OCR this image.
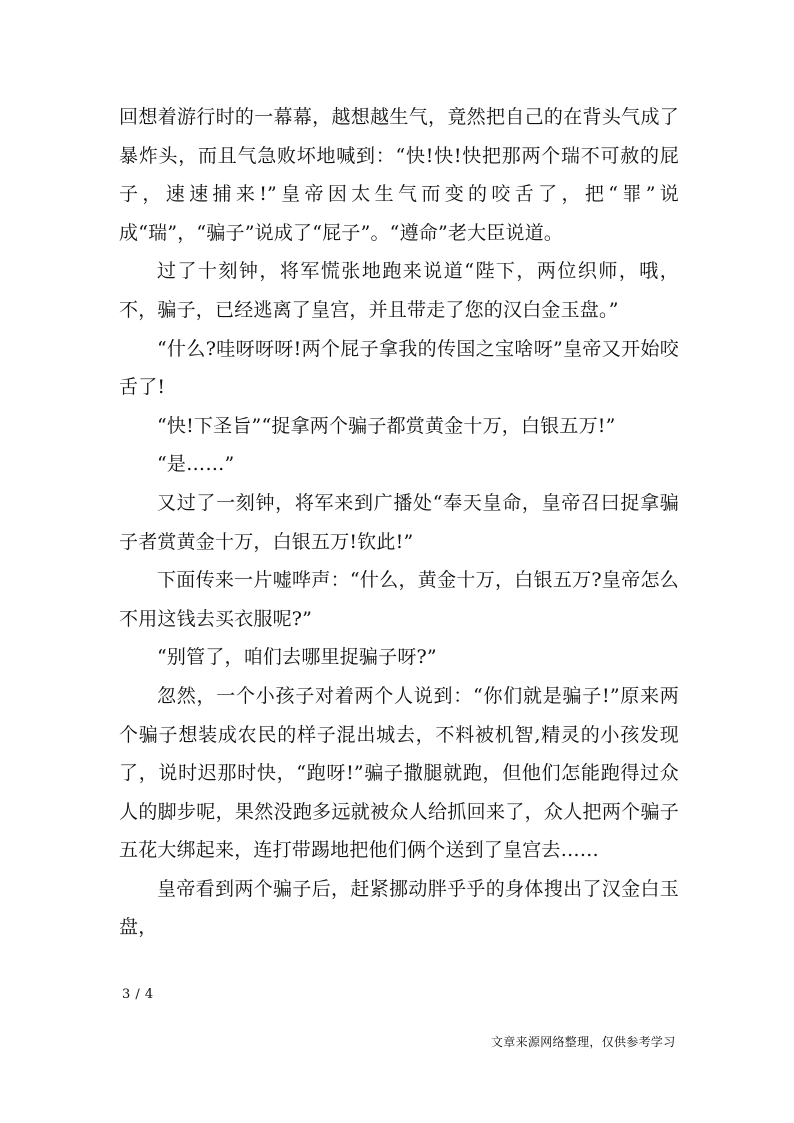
回想着游行时的一幕幕，越想越生气，竟然把自己的在背头气成了暴炸头，而且气急败坏地喊到：“快!快!快把那两个瑞不可赦的屁子，速速捕来!”皇帝因太生气而变的咬舌了，把“罪”说成“瑞”，“骗子”说成了“屁子”。“遵命”老大臣说道。

过了十刻钟，将军慌张地跑来说道“陛下，两位织师，哦，不，骗子，已经逃离了皇宫，并且带走了您的汉白金玉盘。”

“什么?哇呀呀呀!两个屁子拿我的传国之宝啥呀”皇帝又开始咬舌了!

“快!下圣旨”“捉拿两个骗子都赏黄金十万，白银五万!”

“是……”

又过了一刻钟，将军来到广播处“奉天皇命，皇帝召曰捉拿骗子者赏黄金十万，白银五万!钦此!”

下面传来一片嘘哗声：“什么，黄金十万，白银五万?皇帝怎么不用这钱去买衣服呢?”

“别管了，咱们去哪里捉骗子呀?”

忽然，一个小孩子对着两个人说到：“你们就是骗子!”原来两个骗子想装成农民的样子混出城去，不料被机智,精灵的小孩发现了，说时迟那时快，“跑呀!”骗子撒腿就跑，但他们怎能跑得过众人的脚步呢，果然没跑多远就被众人给抓回来了，众人把两个骗子五花大绑起来，连打带踢地把他们俩个送到了皇宫去……

皇帝看到两个骗子后，赶紧挪动胖乎乎的身体搜出了汉金白玉盘，

3 / 4
文章来源网络整理，仅供参考学习
